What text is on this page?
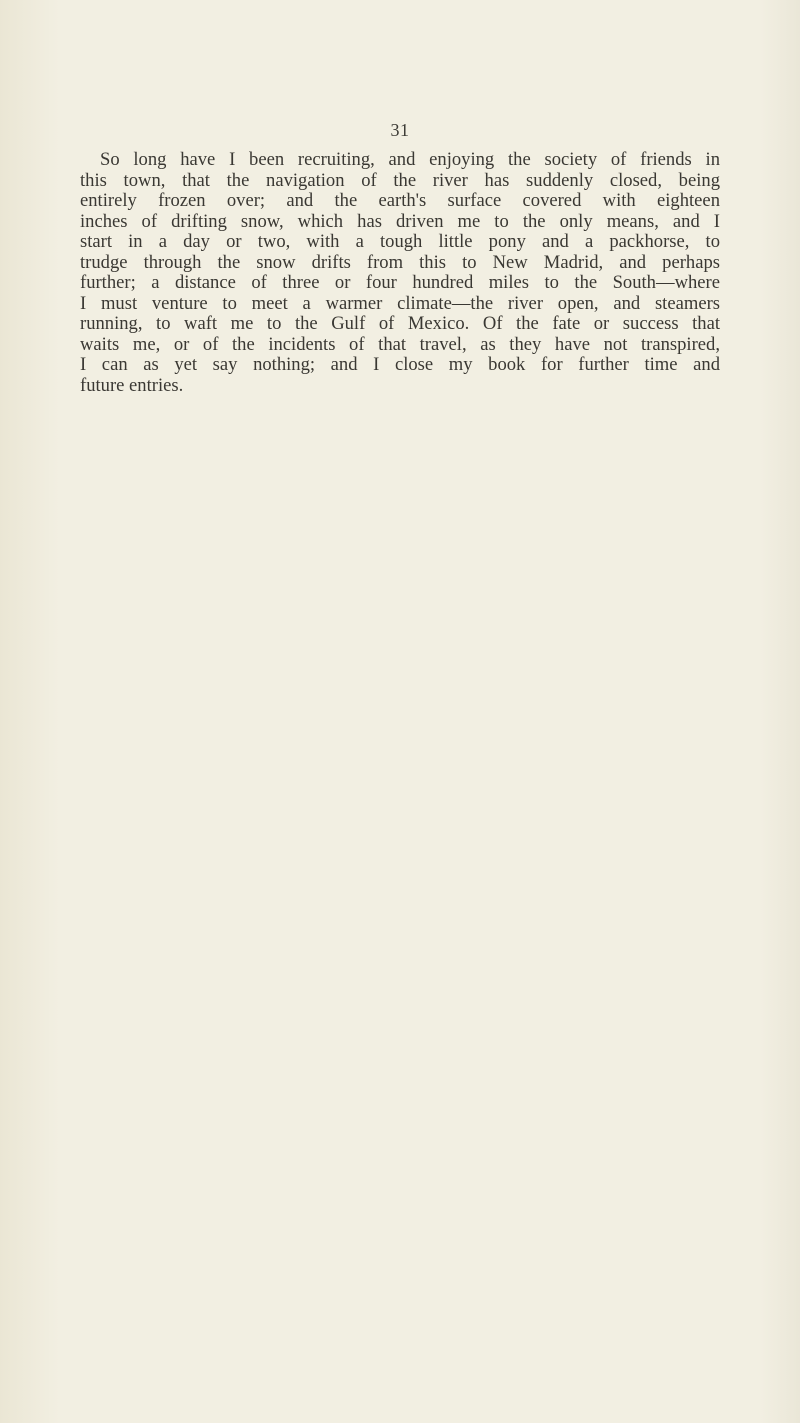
31
So long have I been recruiting, and enjoying the society of friends in
this town, that the navigation of the river has suddenly closed, being
entirely frozen over; and the earth's surface covered with eighteen
inches of drifting snow, which has driven me to the only means, and I
start in a day or two, with a tough little pony and a packhorse, to
trudge through the snow drifts from this to New Madrid, and perhaps
further; a distance of three or four hundred miles to the South—where
I must venture to meet a warmer climate—the river open, and steamers
running, to waft me to the Gulf of Mexico. Of the fate or success that
waits me, or of the incidents of that travel, as they have not transpired,
I can as yet say nothing; and I close my book for further time and
future entries.
